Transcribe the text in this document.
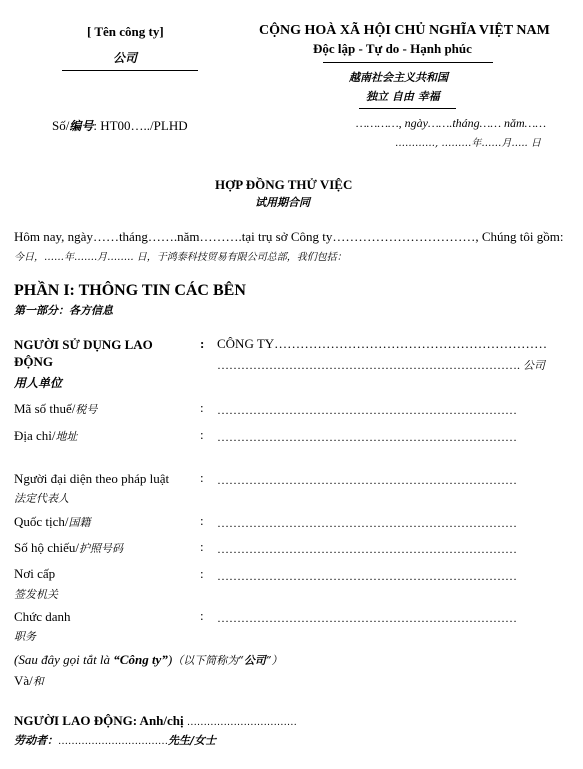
[ Tên công ty]
公司
CỘNG HOÀ XÃ HỘI CHỦ NGHĨA VIỆT NAM
Độc lập - Tự do - Hạnh phúc
越南社会主义共和国
独立 自由 幸福
Số/编号: HT00…../PLHD	…………, ngày…….tháng…… năm……
…………, ………年……月….. 日
HỢP ĐỒNG THỬ VIỆC
试用期合同
Hôm nay, ngày……tháng…….năm……….tại trụ sở Công ty……………………………, Chúng tôi gồm:
今日，……年…….月…….. 日，于鸿泰科技贸易有限公司总部，我们包括：
PHẦN I: THÔNG TIN CÁC BÊN
第一部分：各方信息
NGƯỜI SỬ DỤNG LAO ĐỘNG
用人单位
: CÔNG TY………………………………………………………
…………………………………………………………………. 公司
Mã số thuế/税号	: …………………………………………………………………
Địa chỉ/地址	: …………………………………………………………………
Người đại diện theo pháp luật
法定代表人
: …………………………………………………………………
Quốc tịch/国籍	: …………………………………………………………………
Số hộ chiếu/护照号码	: …………………………………………………………………
Nơi cấp
签发机关
: …………………………………………………………………
Chức danh
职务
: …………………………………………………………………
(Sau đây gọi tắt là “Công ty”)（以下简称为“公司”）
Và/和
NGƯỜI LAO ĐỘNG: Anh/chị ……………………………
劳动者：……………………………先生/女士
